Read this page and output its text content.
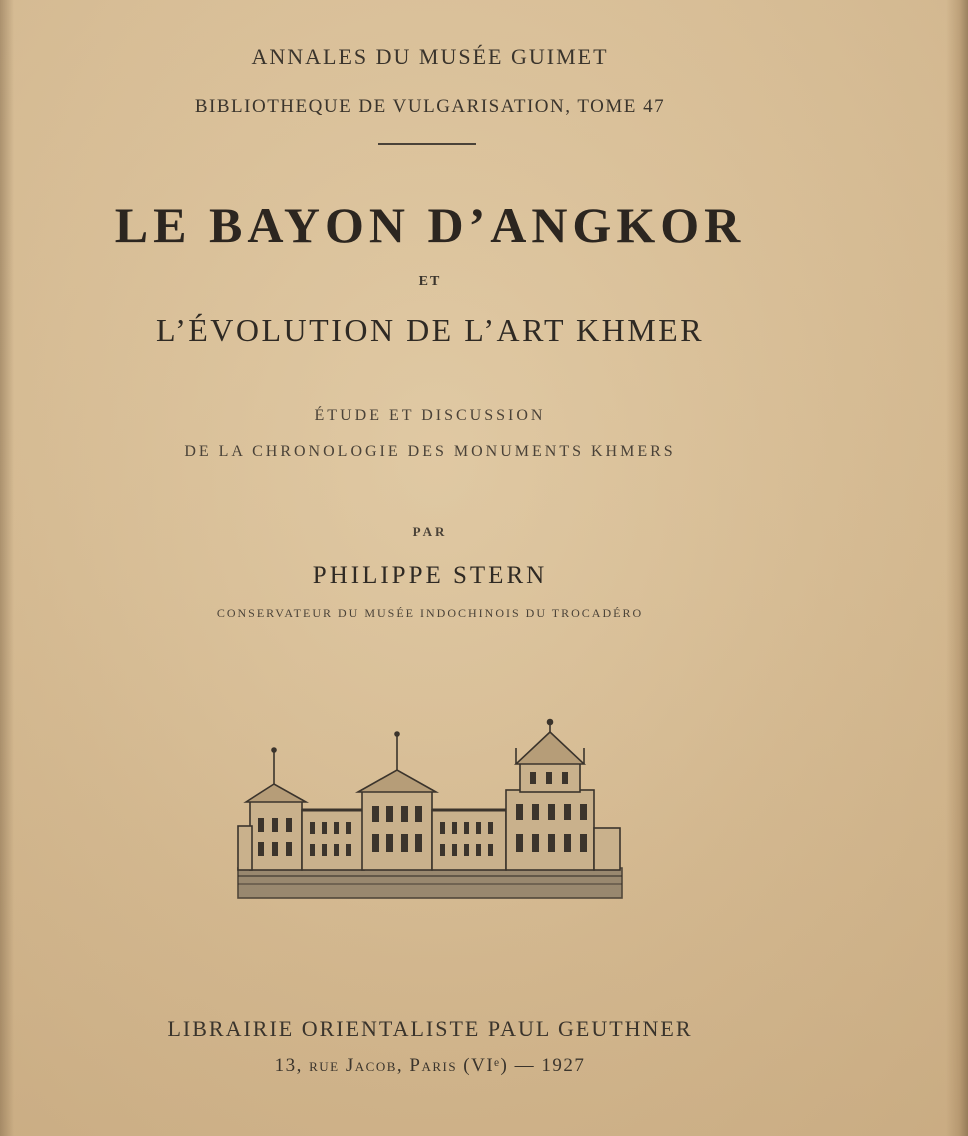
ANNALES DU MUSÉE GUIMET
BIBLIOTHEQUE DE VULGARISATION, TOME 47
LE BAYON D’ANGKOR
ET
L’ÉVOLUTION DE L’ART KHMER
ÉTUDE ET DISCUSSION
DE LA CHRONOLOGIE DES MONUMENTS KHMERS
PAR
PHILIPPE STERN
CONSERVATEUR DU MUSÉE INDOCHINOIS DU TROCADÉRO
LIBRAIRIE ORIENTALISTE PAUL GEUTHNER
13, rue Jacob, Paris (VIᵉ) — 1927
